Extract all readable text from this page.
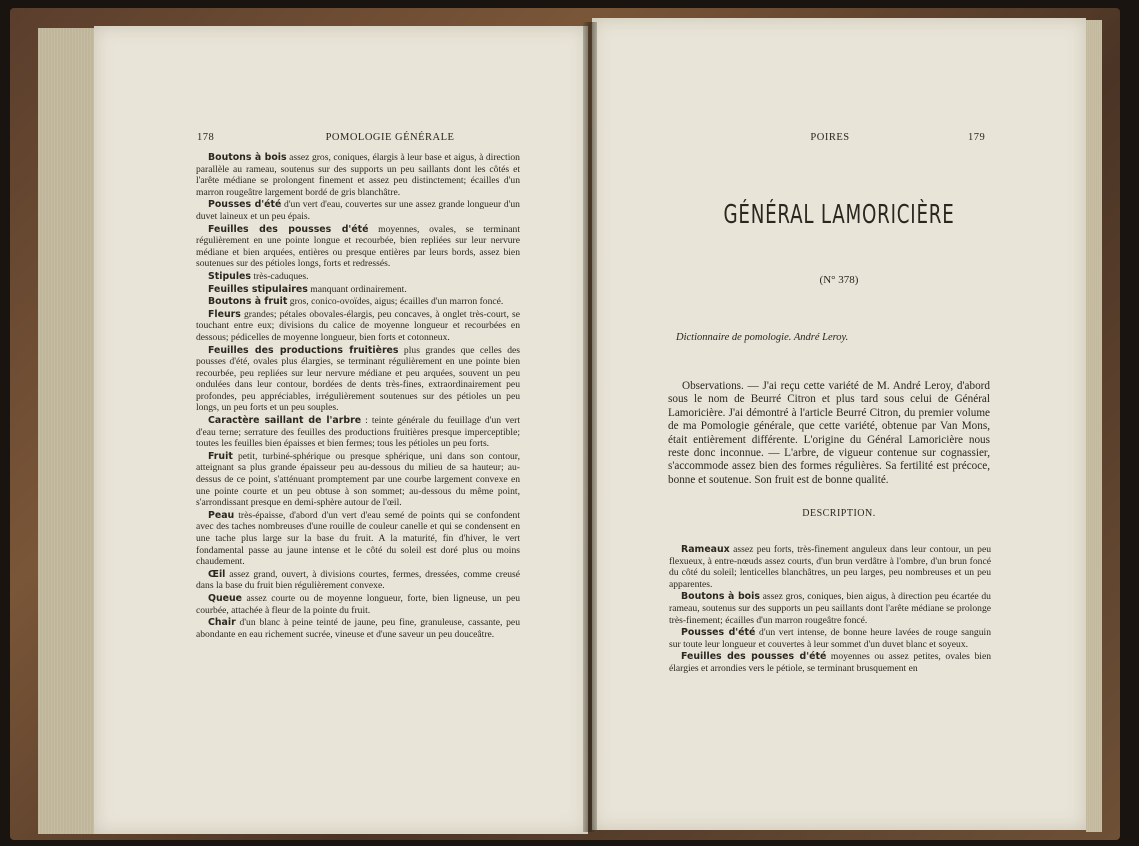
178	POMOLOGIE GÉNÉRALE

Boutons à bois assez gros, coniques, élargis à leur base et aigus, à direction parallèle au rameau, soutenus sur des supports un peu saillants dont les côtés et l'arête médiane se prolongent finement et assez peu distinctement; écailles d'un marron rougeâtre largement bordé de gris blanchâtre.

Pousses d'été d'un vert d'eau, couvertes sur une assez grande longueur d'un duvet laineux et un peu épais.

Feuilles des pousses d'été moyennes, ovales, se terminant régulièrement en une pointe longue et recourbée, bien repliées sur leur nervure médiane et bien arquées, entières ou presque entières par leurs bords, assez bien soutenues sur des pétioles longs, forts et redressés.

Stipules très-caduques.

Feuilles stipulaires manquant ordinairement.

Boutons à fruit gros, conico-ovoïdes, aigus; écailles d'un marron foncé.

Fleurs grandes; pétales obovales-élargis, peu concaves, à onglet très-court, se touchant entre eux; divisions du calice de moyenne longueur et recourbées en dessous; pédicelles de moyenne longueur, bien forts et cotonneux.

Feuilles des productions fruitières plus grandes que celles des pousses d'été, ovales plus élargies, se terminant régulièrement en une pointe bien recourbée, peu repliées sur leur nervure médiane et peu arquées, souvent un peu ondulées dans leur contour, bordées de dents très-fines, extraordinairement peu profondes, peu appréciables, irrégulièrement soutenues sur des pétioles un peu longs, un peu forts et un peu souples.

Caractère saillant de l'arbre : teinte générale du feuillage d'un vert d'eau terne; serrature des feuilles des productions fruitières presque imperceptible; toutes les feuilles bien épaisses et bien fermes; tous les pétioles un peu forts.

Fruit petit, turbiné-sphérique ou presque sphérique, uni dans son contour, atteignant sa plus grande épaisseur peu au-dessous du milieu de sa hauteur; au-dessus de ce point, s'atténuant promptement par une courbe largement convexe en une pointe courte et un peu obtuse à son sommet; au-dessous du même point, s'arrondissant presque en demi-sphère autour de l'œil.

Peau très-épaisse, d'abord d'un vert d'eau semé de points qui se confondent avec des taches nombreuses d'une rouille de couleur canelle et qui se condensent en une tache plus large sur la base du fruit. A la maturité, fin d'hiver, le vert fondamental passe au jaune intense et le côté du soleil est doré plus ou moins chaudement.

Œil assez grand, ouvert, à divisions courtes, fermes, dressées, comme creusé dans la base du fruit bien régulièrement convexe.

Queue assez courte ou de moyenne longueur, forte, bien ligneuse, un peu courbée, attachée à fleur de la pointe du fruit.

Chair d'un blanc à peine teinté de jaune, peu fine, granuleuse, cassante, peu abondante en eau richement sucrée, vineuse et d'une saveur un peu douceâtre.

POIRES	179
GÉNÉRAL LAMORICIÈRE
(N° 378)
Dictionnaire de pomologie. André Leroy.
Observations. — J'ai reçu cette variété de M. André Leroy, d'abord sous le nom de Beurré Citron et plus tard sous celui de Général Lamoricière. J'ai démontré à l'article Beurré Citron, du premier volume de ma Pomologie générale, que cette variété, obtenue par Van Mons, était entièrement différente. L'origine du Général Lamoricière nous reste donc inconnue. — L'arbre, de vigueur contenue sur cognassier, s'accommode assez bien des formes régulières. Sa fertilité est précoce, bonne et soutenue. Son fruit est de bonne qualité.
DESCRIPTION.

Rameaux assez peu forts, très-finement anguleux dans leur contour, un peu flexueux, à entre-nœuds assez courts, d'un brun verdâtre à l'ombre, d'un brun foncé du côté du soleil; lenticelles blanchâtres, un peu larges, peu nombreuses et un peu apparentes.

Boutons à bois assez gros, coniques, bien aigus, à direction peu écartée du rameau, soutenus sur des supports un peu saillants dont l'arête médiane se prolonge très-finement; écailles d'un marron rougeâtre foncé.

Pousses d'été d'un vert intense, de bonne heure lavées de rouge sanguin sur toute leur longueur et couvertes à leur sommet d'un duvet blanc et soyeux.

Feuilles des pousses d'été moyennes ou assez petites, ovales bien élargies et arrondies vers le pétiole, se terminant brusquement en
